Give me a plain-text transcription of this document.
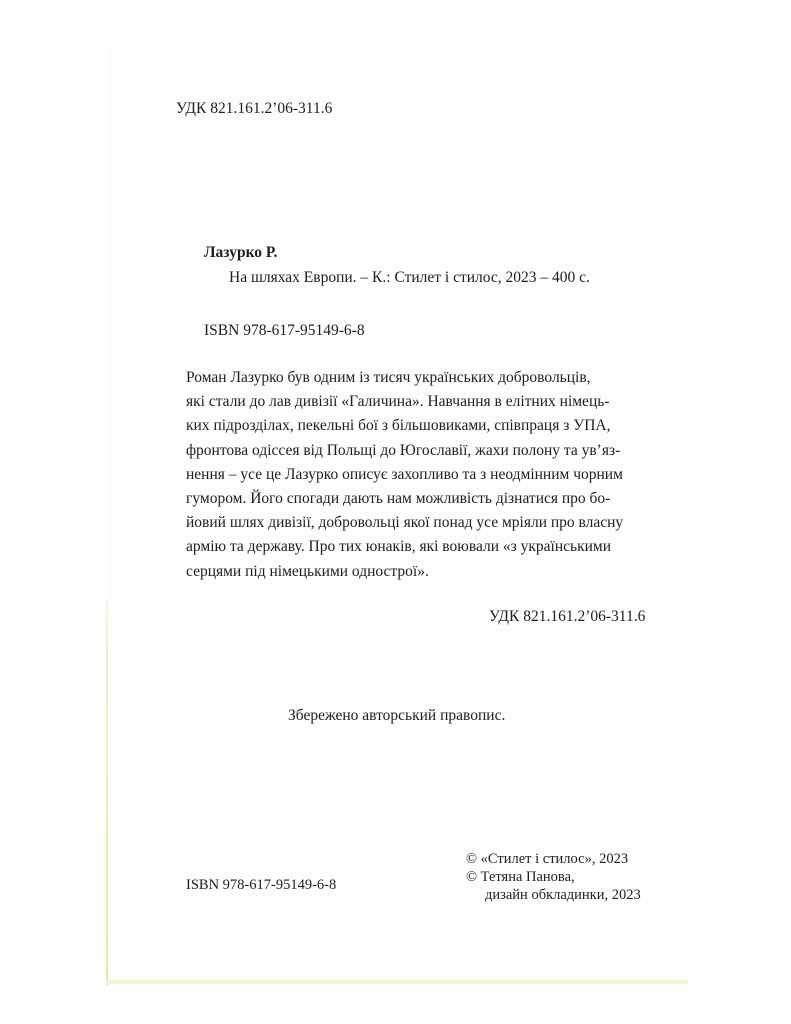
УДК 821.161.2’06-311.6
Лазурко Р.
На шляхах Европи. – К.: Стилет і стилос, 2023 – 400 с.
ISBN 978-617-95149-6-8
Роман Лазурко був одним із тисяч українських добровольців,
які стали до лав дивізії «Галичина». Навчання в елітних німець-
ких підрозділах, пекельні бої з більшовиками, співпраця з УПА,
фронтова одіссея від Польщі до Югославії, жахи полону та ув’яз-
нення – усе це Лазурко описує захопливо та з неодмінним чорним
гумором. Його спогади дають нам можливість дізнатися про бо-
йовий шлях дивізії, добровольці якої понад усе мріяли про власну
армію та державу. Про тих юнаків, які воювали «з українськими
серцями під німецькими однострої».
УДК 821.161.2’06-311.6
Збережено авторський правопис.
ISBN 978-617-95149-6-8
© «Стилет і стилос», 2023
© Тетяна Панова,
дизайн обкладинки, 2023
